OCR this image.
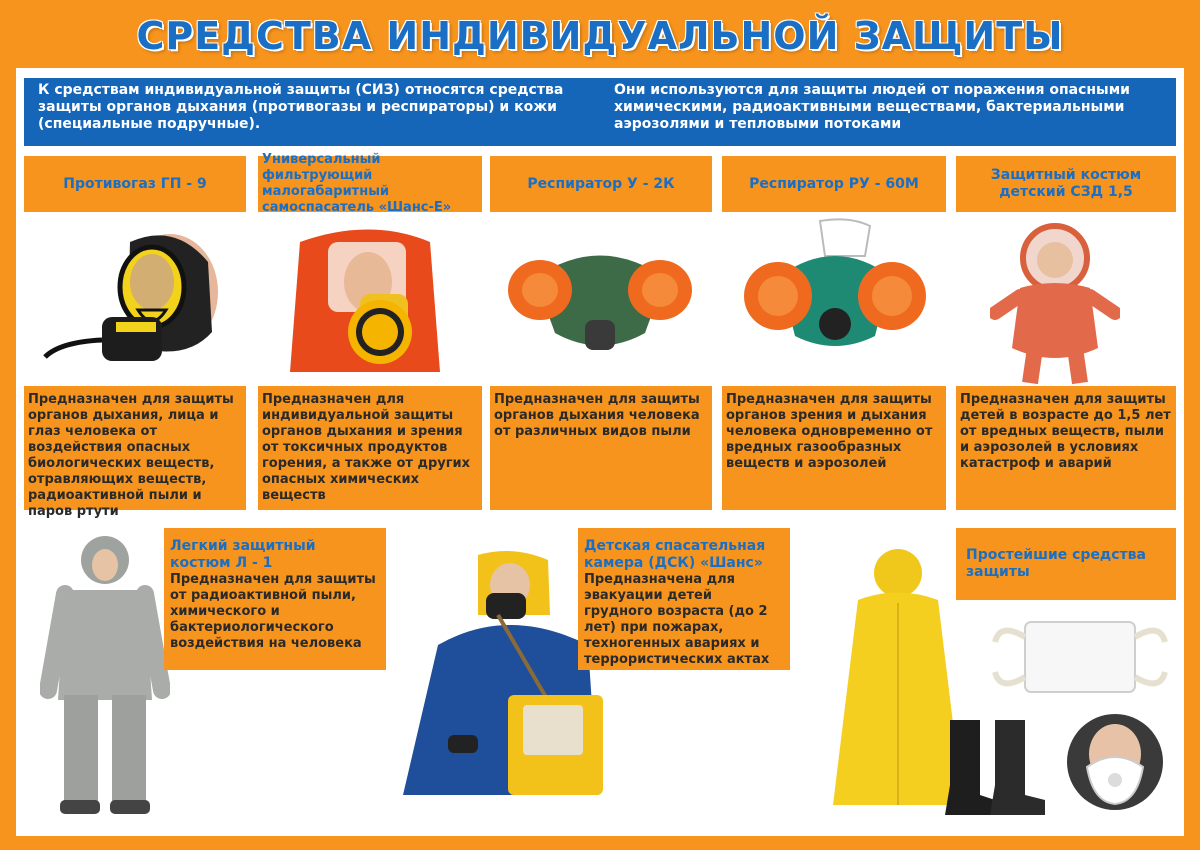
СРЕДСТВА ИНДИВИДУАЛЬНОЙ ЗАЩИТЫ
К средствам индивидуальной защиты (СИЗ) относятся средства защиты органов дыхания (противогазы и респираторы) и кожи (специальные подручные).
Они используются для защиты людей от поражения опасными химическими, радиоактивными веществами, бактериальными аэрозолями и тепловыми потоками
Противогаз ГП - 9
Универсальный фильтрующий малогабаритный самоспасатель «Шанс-Е»
Респиратор У - 2К	Респиратор РУ - 60М
Защитный костюм детский СЗД 1,5
Предназначен для защиты органов дыхания, лица и глаз человека от воздействия опасных биологических веществ, отравляющих веществ, радиоактивной пыли и паров ртути
Предназначен для индивидуальной защиты органов дыхания и зрения от токсичных продуктов горения, а также от других опасных химических веществ
Предназначен для защиты органов дыхания человека от различных видов пыли
Предназначен для защиты органов зрения и дыхания человека одновременно от вредных газообразных веществ и аэрозолей
Предназначен для защиты детей в возрасте до 1,5 лет от вредных веществ, пыли и аэрозолей в условиях катастроф и аварий
Легкий защитный костюм Л - 1
Предназначен для защиты от радиоактивной пыли, химического и бактериологического воздействия на человека
Детская спасательная камера (ДСК) «Шанс»
Предназначена для эвакуации детей грудного возраста (до 2 лет) при пожарах, техногенных авариях и террористических актах
Простейшие средства защиты
